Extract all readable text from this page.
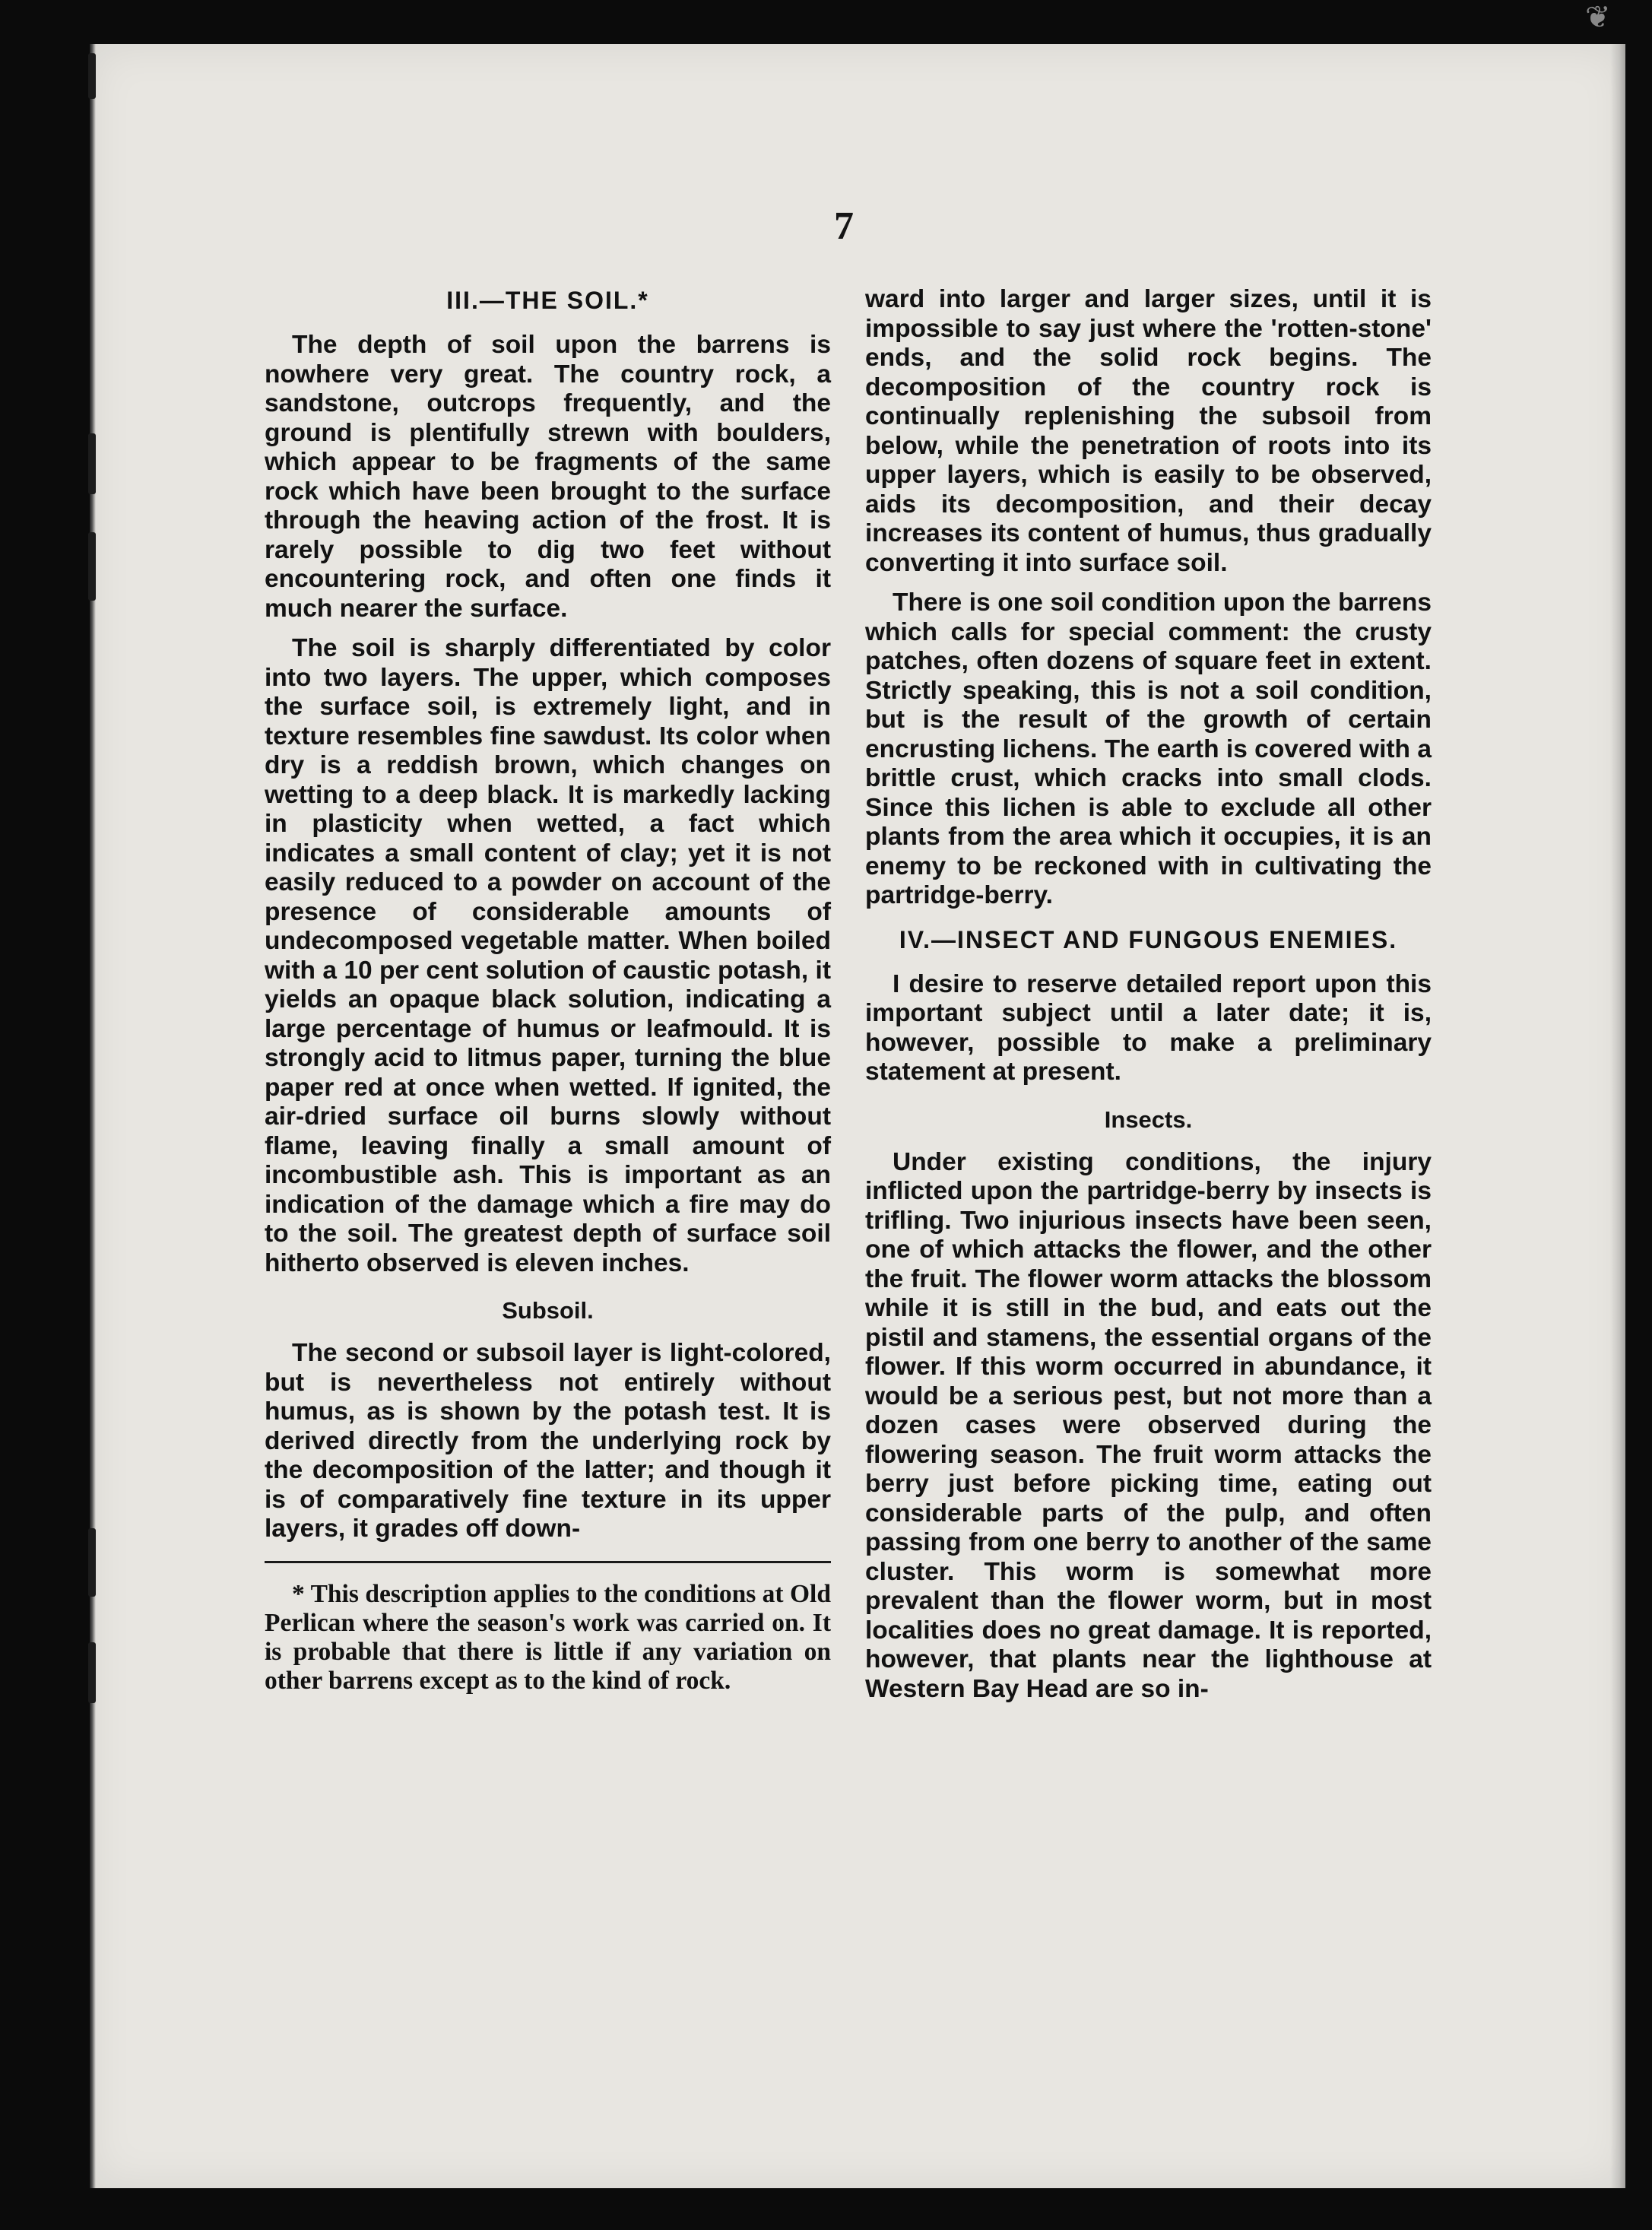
❦
7
III.—THE SOIL.*

The depth of soil upon the barrens is nowhere very great. The country rock, a sandstone, outcrops frequently, and the ground is plentifully strewn with boulders, which appear to be fragments of the same rock which have been brought to the surface through the heaving action of the frost. It is rarely possible to dig two feet without encountering rock, and often one finds it much nearer the surface.

The soil is sharply differentiated by color into two layers. The upper, which composes the surface soil, is extremely light, and in texture resembles fine sawdust. Its color when dry is a reddish brown, which changes on wetting to a deep black. It is markedly lacking in plasticity when wetted, a fact which indicates a small content of clay; yet it is not easily reduced to a powder on account of the presence of considerable amounts of undecomposed vegetable matter. When boiled with a 10 per cent solution of caustic potash, it yields an opaque black solution, indicating a large percentage of humus or leafmould. It is strongly acid to litmus paper, turning the blue paper red at once when wetted. If ignited, the air-dried surface oil burns slowly without flame, leaving finally a small amount of incombustible ash. This is important as an indication of the damage which a fire may do to the soil. The greatest depth of surface soil hitherto observed is eleven inches.

Subsoil.

The second or subsoil layer is light-colored, but is nevertheless not entirely without humus, as is shown by the potash test. It is derived directly from the underlying rock by the decomposition of the latter; and though it is of comparatively fine texture in its upper layers, it grades off down-

* This description applies to the conditions at Old Perlican where the season's work was carried on. It is probable that there is little if any variation on other barrens except as to the kind of rock.

ward into larger and larger sizes, until it is impossible to say just where the 'rotten-stone' ends, and the solid rock begins. The decomposition of the country rock is continually replenishing the subsoil from below, while the penetration of roots into its upper layers, which is easily to be observed, aids its decomposition, and their decay increases its content of humus, thus gradually converting it into surface soil.

There is one soil condition upon the barrens which calls for special comment: the crusty patches, often dozens of square feet in extent. Strictly speaking, this is not a soil condition, but is the result of the growth of certain encrusting lichens. The earth is covered with a brittle crust, which cracks into small clods. Since this lichen is able to exclude all other plants from the area which it occupies, it is an enemy to be reckoned with in cultivating the partridge-berry.

IV.—INSECT AND FUNGOUS ENEMIES.

I desire to reserve detailed report upon this important subject until a later date; it is, however, possible to make a preliminary statement at present.

Insects.

Under existing conditions, the injury inflicted upon the partridge-berry by insects is trifling. Two injurious insects have been seen, one of which attacks the flower, and the other the fruit. The flower worm attacks the blossom while it is still in the bud, and eats out the pistil and stamens, the essential organs of the flower. If this worm occurred in abundance, it would be a serious pest, but not more than a dozen cases were observed during the flowering season. The fruit worm attacks the berry just before picking time, eating out considerable parts of the pulp, and often passing from one berry to another of the same cluster. This worm is somewhat more prevalent than the flower worm, but in most localities does no great damage. It is reported, however, that plants near the lighthouse at Western Bay Head are so in-
